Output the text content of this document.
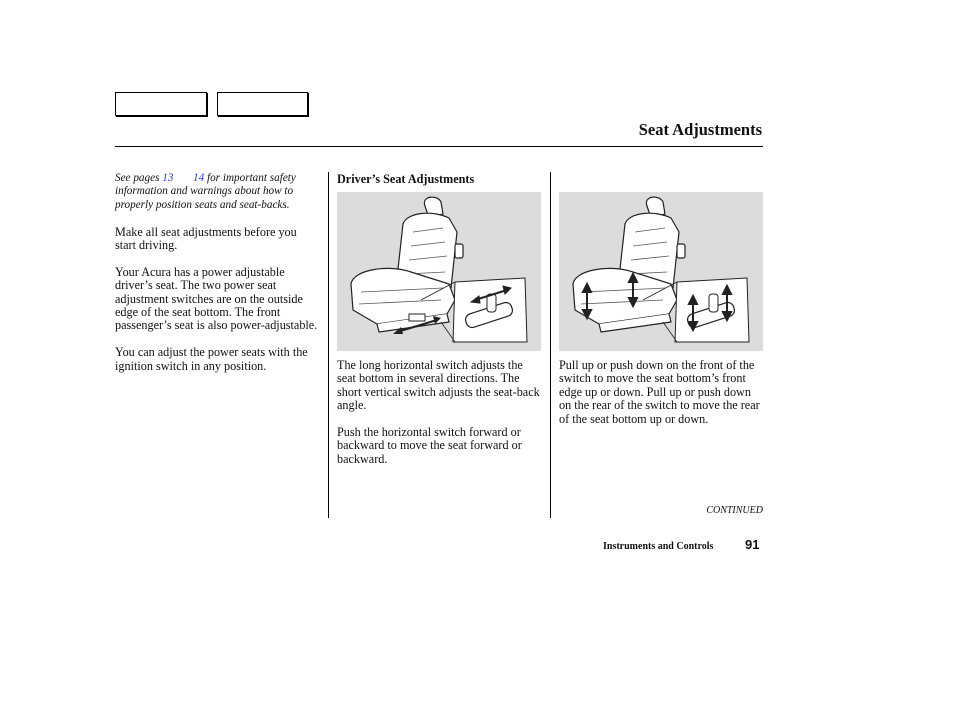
Seat Adjustments

See pages 13 14 for important safety information and warnings about how to properly position seats and seat-backs.

Make all seat adjustments before you start driving.

Your Acura has a power adjustable driver’s seat. The two power seat adjustment switches are on the outside edge of the seat bottom. The front passenger’s seat is also power-adjustable.

You can adjust the power seats with the ignition switch in any position.

Driver’s Seat Adjustments

The long horizontal switch adjusts the seat bottom in several directions. The short vertical switch adjusts the seat-back angle.

Push the horizontal switch forward or backward to move the seat forward or backward.

Pull up or push down on the front of the switch to move the seat bottom’s front edge up or down. Pull up or push down on the rear of the switch to move the rear of the seat bottom up or down.

CONTINUED
Instruments and Controls 91
